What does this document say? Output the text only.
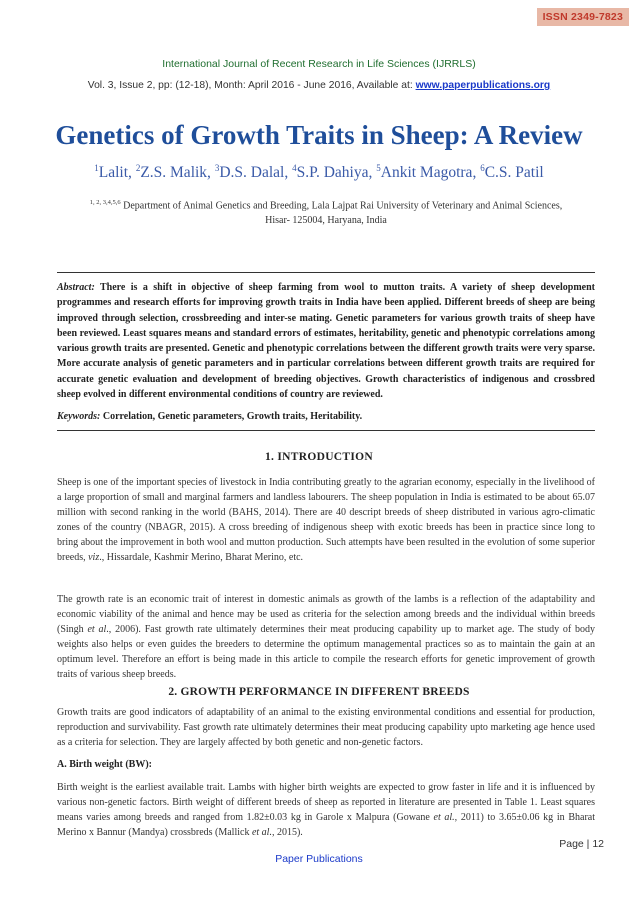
ISSN 2349-7823
International Journal of Recent Research in Life Sciences (IJRRLS)
Vol. 3, Issue 2, pp: (12-18), Month: April 2016 - June 2016, Available at: www.paperpublications.org
Genetics of Growth Traits in Sheep: A Review
$^1$Lalit, $^2$Z.S. Malik, $^3$D.S. Dalal, $^4$S.P. Dahiya, $^5$Ankit Magotra, $^6$C.S. Patil
$^{1, 2, 3,4,5,6}$ Department of Animal Genetics and Breeding, Lala Lajpat Rai University of Veterinary and Animal Sciences,
Hisar- 125004, Haryana, India
Abstract: There is a shift in objective of sheep farming from wool to mutton traits. A variety of sheep development programmes and research efforts for improving growth traits in India have been applied. Different breeds of sheep are being improved through selection, crossbreeding and inter-se mating. Genetic parameters for various growth traits of sheep have been reviewed. Least squares means and standard errors of estimates, heritability, genetic and phenotypic correlations among various growth traits are presented. Genetic and phenotypic correlations between the different growth traits were very sparse. More accurate analysis of genetic parameters and in particular correlations between different growth traits are required for accurate genetic evaluation and development of breeding objectives. Growth characteristics of indigenous and crossbred sheep evolved in different environmental conditions of country are reviewed.
Keywords: Correlation, Genetic parameters, Growth traits, Heritability.
1. INTRODUCTION
Sheep is one of the important species of livestock in India contributing greatly to the agrarian economy, especially in the livelihood of a large proportion of small and marginal farmers and landless labourers. The sheep population in India is estimated to be about 65.07 million with second ranking in the world (BAHS, 2014). There are 40 descript breeds of sheep distributed in various agro-climatic zones of the country (NBAGR, 2015). A cross breeding of indigenous sheep with exotic breeds has been in practice since long to bring about the improvement in both wool and mutton production. Such attempts have been resulted in the evolution of some superior breeds, viz., Hissardale, Kashmir Merino, Bharat Merino, etc.
The growth rate is an economic trait of interest in domestic animals as growth of the lambs is a reflection of the adaptability and economic viability of the animal and hence may be used as criteria for the selection among breeds and the individual within breeds (Singh et al., 2006). Fast growth rate ultimately determines their meat producing capability up to market age. The study of body weights also helps or even guides the breeders to determine the optimum managemental practices so as to maintain the gain at an optimum level. Therefore an effort is being made in this article to compile the research efforts for genetic improvement of growth traits of various sheep breeds.
2. GROWTH PERFORMANCE IN DIFFERENT BREEDS
Growth traits are good indicators of adaptability of an animal to the existing environmental conditions and essential for production, reproduction and survivability. Fast growth rate ultimately determines their meat producing capability upto marketing age hence used as a criteria for selection. They are largely affected by both genetic and non-genetic factors.
A. Birth weight (BW):
Birth weight is the earliest available trait. Lambs with higher birth weights are expected to grow faster in life and it is influenced by various non-genetic factors. Birth weight of different breeds of sheep as reported in literature are presented in Table 1. Least squares means varies among breeds and ranged from 1.82±0.03 kg in Garole x Malpura (Gowane et al., 2011) to 3.65±0.06 kg in Bharat Merino x Bannur (Mandya) crossbreds (Mallick et al., 2015).
Page | 12
Paper Publications
